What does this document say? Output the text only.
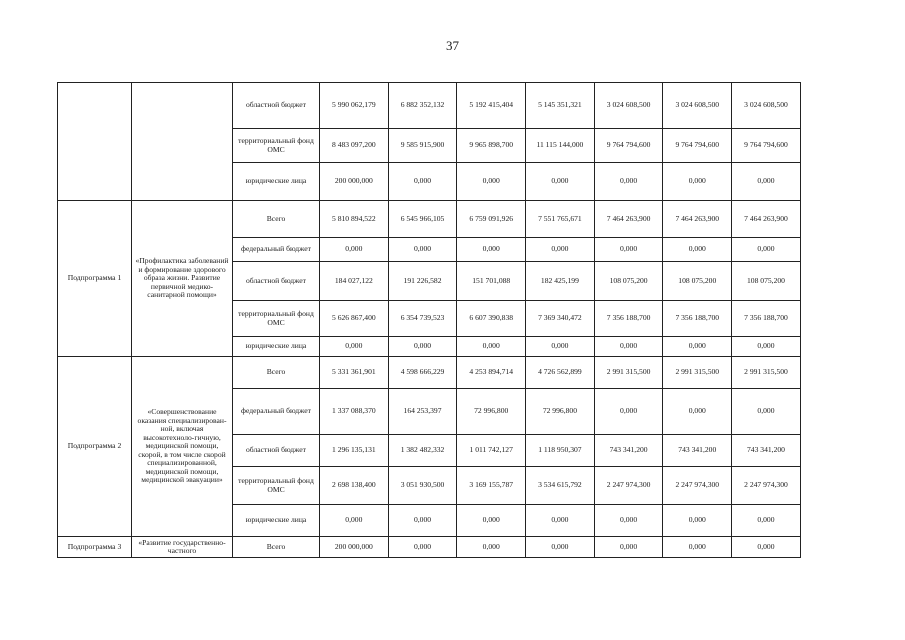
37
		областной бюджет	5 990 062,179	6 882 352,132	5 192 415,404	5 145 351,321	3 024 608,500	3 024 608,500	3 024 608,500
		территориальный фонд ОМС	8 483 097,200	9 585 915,900	9 965 898,700	11 115 144,000	9 764 794,600	9 764 794,600	9 764 794,600
		юридические лица	200 000,000	0,000	0,000	0,000	0,000	0,000	0,000
Подпрограмма 1	«Профилактика заболеваний и формирование здорового образа жизни. Развитие первичной медико-санитарной помощи»	Всего	5 810 894,522	6 545 966,105	6 759 091,926	7 551 765,671	7 464 263,900	7 464 263,900	7 464 263,900
		федеральный бюджет	0,000	0,000	0,000	0,000	0,000	0,000	0,000
		областной бюджет	184 027,122	191 226,582	151 701,088	182 425,199	108 075,200	108 075,200	108 075,200
		территориальный фонд ОМС	5 626 867,400	6 354 739,523	6 607 390,838	7 369 340,472	7 356 188,700	7 356 188,700	7 356 188,700
		юридические лица	0,000	0,000	0,000	0,000	0,000	0,000	0,000
Подпрограмма 2	«Совершенствование оказания специализирован-ной, включая высокотехноло-гичную, медицинской помощи, скорой, в том числе скорой специализированной, медицинской помощи, медицинской эвакуации»	Всего	5 331 361,901	4 598 666,229	4 253 894,714	4 726 562,899	2 991 315,500	2 991 315,500	2 991 315,500
		федеральный бюджет	1 337 088,370	164 253,397	72 996,800	72 996,800	0,000	0,000	0,000
		областной бюджет	1 296 135,131	1 382 482,332	1 011 742,127	1 118 950,307	743 341,200	743 341,200	743 341,200
		территориальный фонд ОМС	2 698 138,400	3 051 930,500	3 169 155,787	3 534 615,792	2 247 974,300	2 247 974,300	2 247 974,300
		юридические лица	0,000	0,000	0,000	0,000	0,000	0,000	0,000
Подпрограмма 3	«Развитие государственно-частного	Всего	200 000,000	0,000	0,000	0,000	0,000	0,000	0,000
